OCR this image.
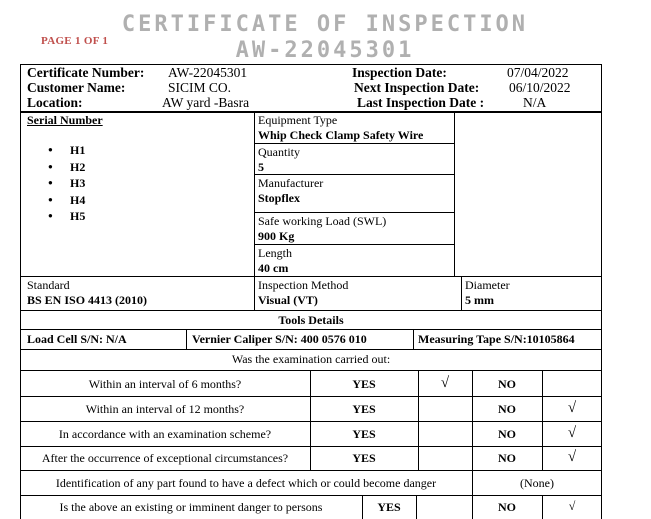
PAGE 1 OF 1
CERTIFICATE OF INSPECTION
AW-22045301
Certificate Number: AW-22045301
Customer Name:	SICIM CO.
Location:	AW yard -Basra
Inspection Date:	07/04/2022
Next Inspection Date: 06/10/2022
Last Inspection Date :	N/A
Serial Number
● H1
● H2
● H3
● H4
● H5
Equipment Type
Whip Check Clamp Safety Wire
Quantity
5
Manufacturer
Stopflex
Safe working Load (SWL)
900 Kg
Length
40 cm
Standard
BS EN ISO 4413 (2010)
Inspection Method
Visual (VT)
Diameter
5 mm
Tools Details
Load Cell S/N: N/A	Vernier Caliper S/N: 400 0576 010	Measuring Tape S/N:10105864
Was the examination carried out:
Within an interval of 6 months?	YES	√	NO
Within an interval of 12 months?	YES	NO	√
In accordance with an examination scheme?	YES	NO	√
After the occurrence of exceptional circumstances?	YES	NO	√
Identification of any part found to have a defect which or could become danger	(None)
Is the above an existing or imminent danger to persons	YES	NO	√
